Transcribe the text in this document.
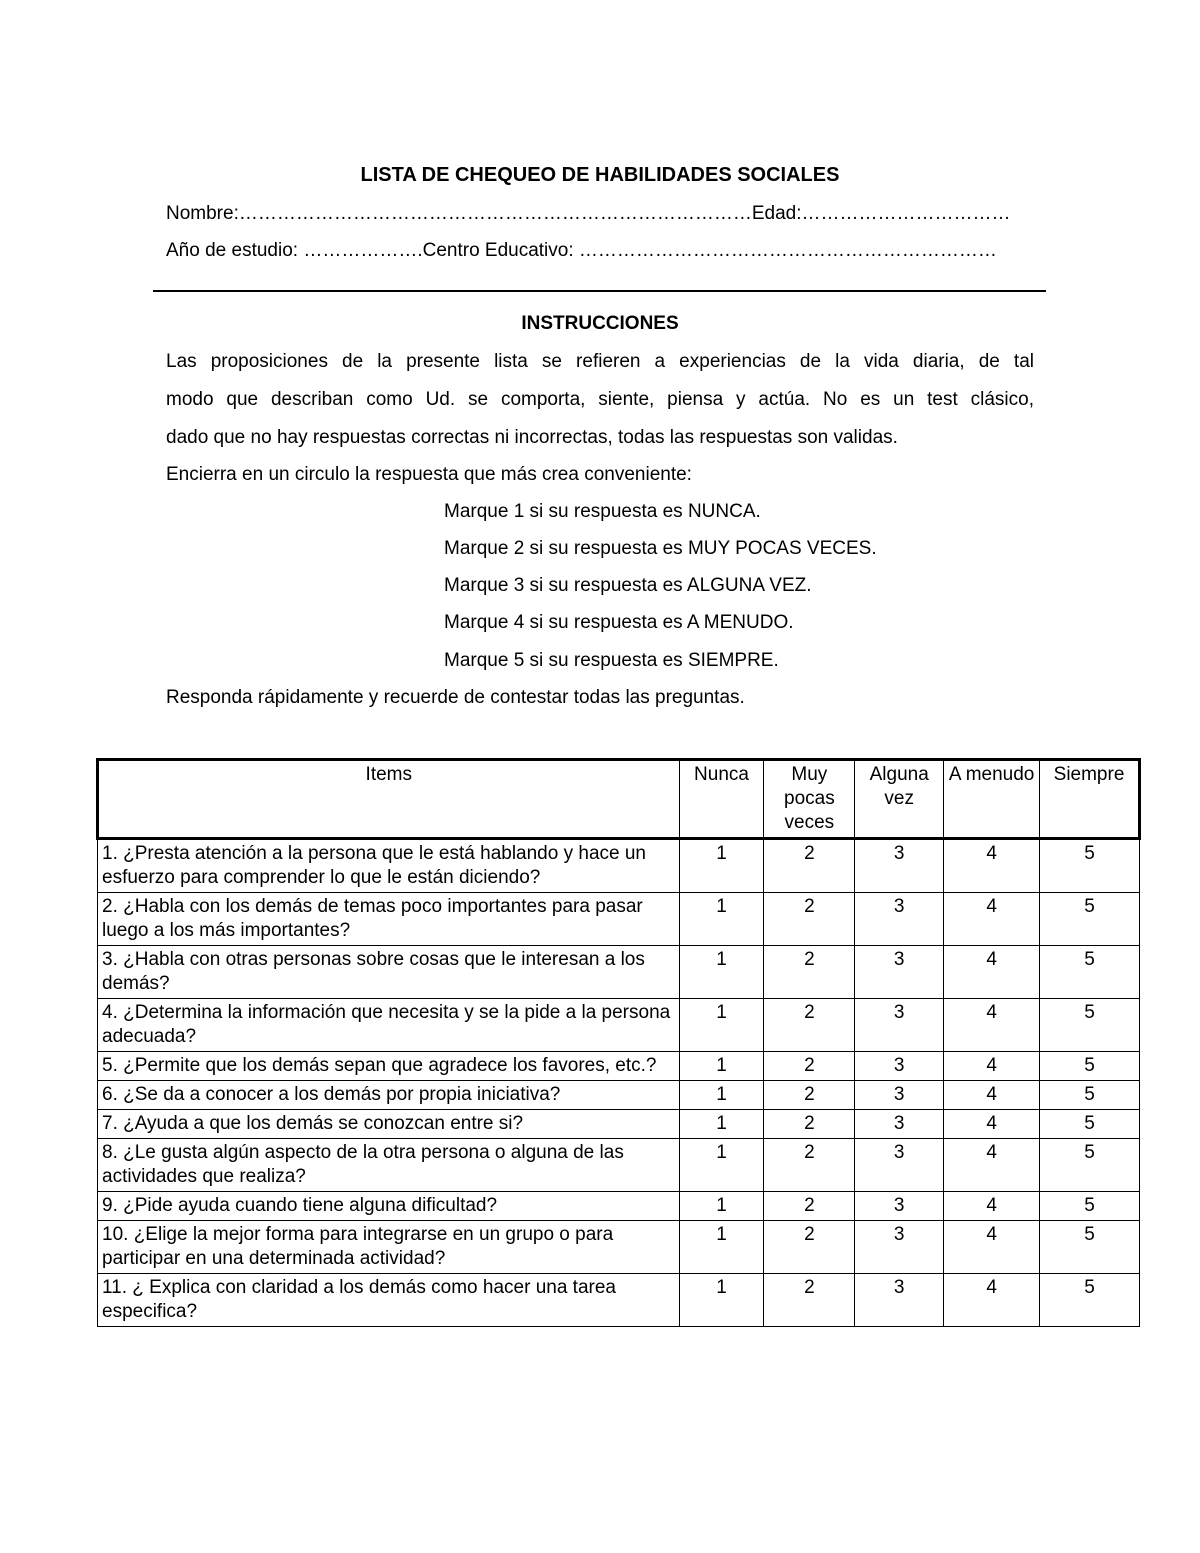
LISTA DE CHEQUEO DE HABILIDADES SOCIALES
Nombre:………………………………………………………………………Edad:……………………………
Año de estudio: ……………….Centro Educativo: …………………………………………………………
INSTRUCCIONES
Las proposiciones de la presente lista se refieren a experiencias de la vida diaria, de tal
modo que describan como Ud. se comporta, siente, piensa y actúa. No es un test clásico,
dado que no hay respuestas correctas ni incorrectas, todas las respuestas son validas.
Encierra en un circulo la respuesta que más crea conveniente:
Marque 1 si su respuesta es NUNCA.
Marque 2 si su respuesta es MUY POCAS VECES.
Marque 3 si su respuesta es ALGUNA VEZ.
Marque 4 si su respuesta es A MENUDO.
Marque 5 si su respuesta es SIEMPRE.
Responda rápidamente y recuerde de contestar todas las preguntas.
Items	Nunca	Muy pocas veces	Alguna vez	A menudo	Siempre
1. ¿Presta atención a la persona que le está hablando y hace un esfuerzo para comprender lo que le están diciendo?	1	2	3	4	5
2. ¿Habla con los demás de temas poco importantes para pasar luego a los más importantes?	1	2	3	4	5
3. ¿Habla con otras personas sobre cosas que le interesan a los demás?	1	2	3	4	5
4. ¿Determina la información que necesita y se la pide a la persona adecuada?	1	2	3	4	5
5. ¿Permite que los demás sepan que agradece los favores, etc.?	1	2	3	4	5
6. ¿Se da a conocer a los demás por propia iniciativa?	1	2	3	4	5
7. ¿Ayuda a que los demás se conozcan entre si?	1	2	3	4	5
8. ¿Le gusta algún aspecto de la otra persona o alguna de las actividades que realiza?	1	2	3	4	5
9. ¿Pide ayuda cuando tiene alguna dificultad?	1	2	3	4	5
10. ¿Elige la mejor forma para integrarse en un grupo o para participar en una determinada actividad?	1	2	3	4	5
11. ¿ Explica con claridad a los demás como hacer una tarea especifica?	1	2	3	4	5
